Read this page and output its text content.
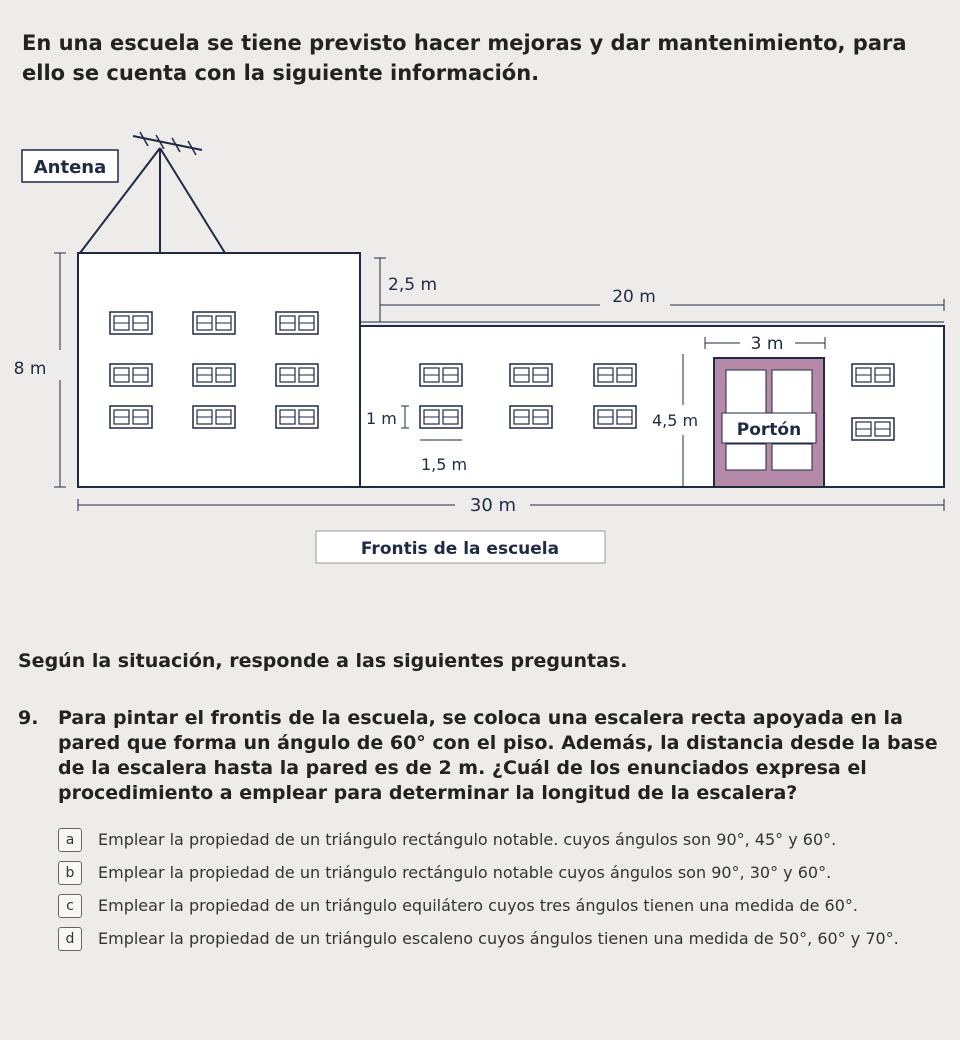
En una escuela se tiene previsto hacer mejoras y dar mantenimiento, para ello se cuenta con la siguiente información.

Antena
8 m
2,5 m
20 m
3 m
1 m
1,5 m
4,5 m Portón
30 m
Frontis de la escuela

Según la situación, responde a las siguientes preguntas.

9.	Para pintar el frontis de la escuela, se coloca una escalera recta apoyada en la pared que forma un ángulo de 60° con el piso. Además, la distancia desde la base de la escalera hasta la pared es de 2 m. ¿Cuál de los enunciados expresa el procedimiento a emplear para determinar la longitud de la escalera?
a	Emplear la propiedad de un triángulo rectángulo notable. cuyos ángulos son 90°, 45° y 60°.
b	Emplear la propiedad de un triángulo rectángulo notable cuyos ángulos son 90°, 30° y 60°.
c	Emplear la propiedad de un triángulo equilátero cuyos tres ángulos tienen una medida de 60°.
d	Emplear la propiedad de un triángulo escaleno cuyos ángulos tienen una medida de 50°, 60° y 70°.
